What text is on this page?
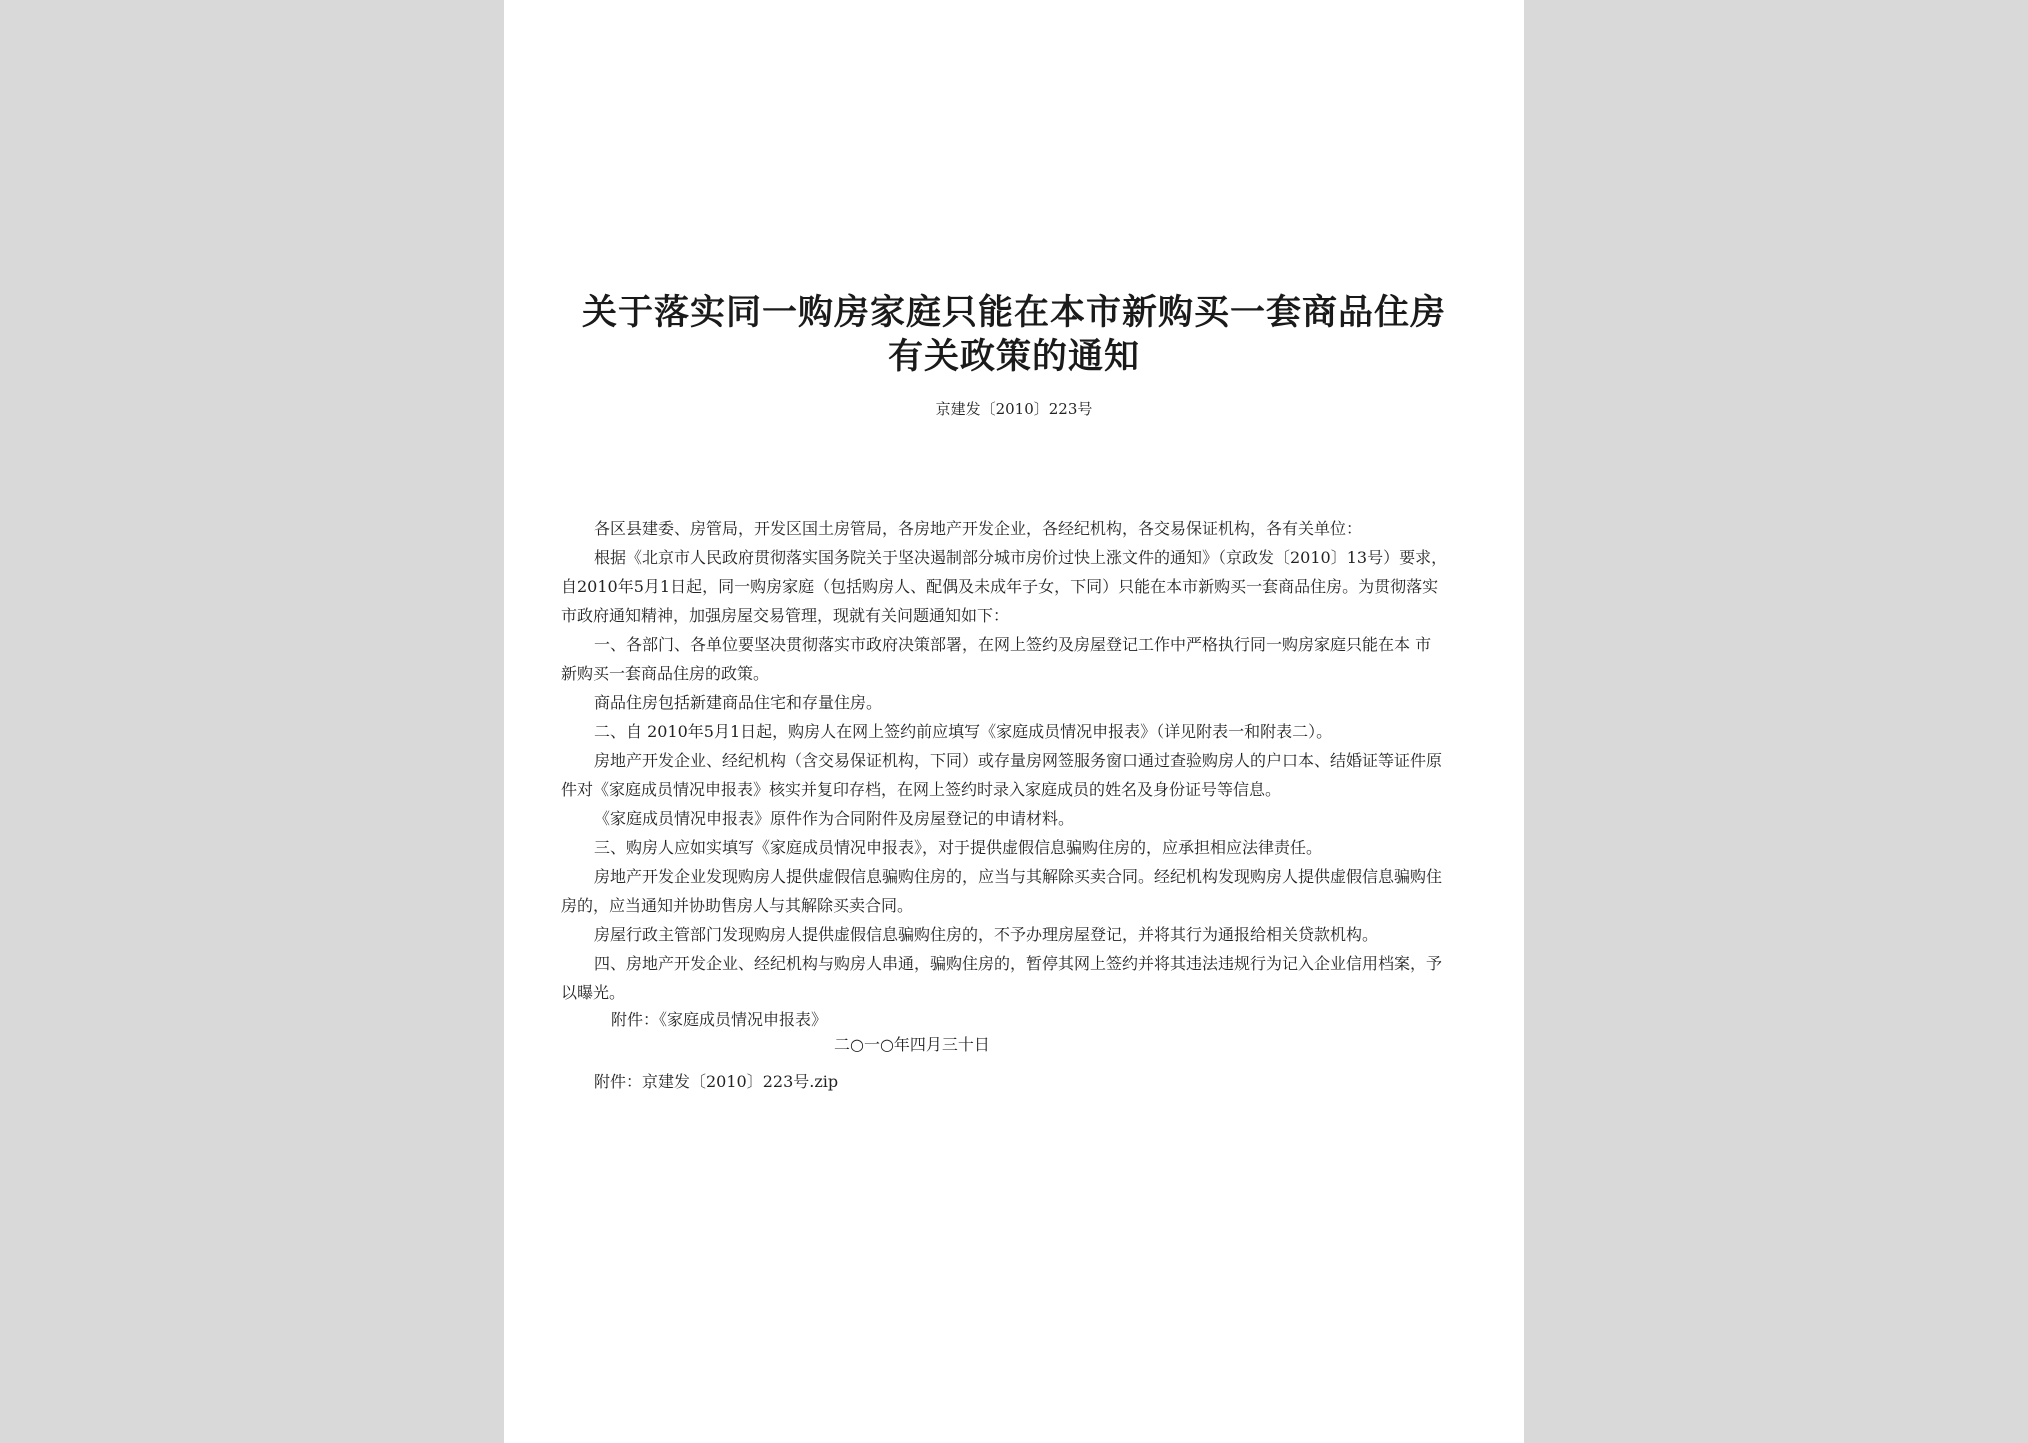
关于落实同一购房家庭只能在本市新购买一套商品住房
有关政策的通知
京建发〔2010〕223号
各区县建委、房管局，开发区国土房管局，各房地产开发企业，各经纪机构，各交易保证机构，各有关单位：
根据《北京市人民政府贯彻落实国务院关于坚决遏制部分城市房价过快上涨文件的通知》（京政发〔2010〕13号）要求，
自2010年5月1日起，同一购房家庭（包括购房人、配偶及未成年子女，下同）只能在本市新购买一套商品住房。为贯彻落实
市政府通知精神，加强房屋交易管理，现就有关问题通知如下：
一、各部门、各单位要坚决贯彻落实市政府决策部署，在网上签约及房屋登记工作中严格执行同一购房家庭只能在本 市
新购买一套商品住房的政策。
商品住房包括新建商品住宅和存量住房。
二、自 2010年5月1日起，购房人在网上签约前应填写《家庭成员情况申报表》（详见附表一和附表二）。
房地产开发企业、经纪机构（含交易保证机构，下同）或存量房网签服务窗口通过查验购房人的户口本、结婚证等证件原
件对《家庭成员情况申报表》核实并复印存档，在网上签约时录入家庭成员的姓名及身份证号等信息。
《家庭成员情况申报表》原件作为合同附件及房屋登记的申请材料。
三、购房人应如实填写《家庭成员情况申报表》，对于提供虚假信息骗购住房的，应承担相应法律责任。
房地产开发企业发现购房人提供虚假信息骗购住房的，应当与其解除买卖合同。经纪机构发现购房人提供虚假信息骗购住
房的，应当通知并协助售房人与其解除买卖合同。
房屋行政主管部门发现购房人提供虚假信息骗购住房的，不予办理房屋登记，并将其行为通报给相关贷款机构。
四、房地产开发企业、经纪机构与购房人串通，骗购住房的，暂停其网上签约并将其违法违规行为记入企业信用档案，予
以曝光。
附件：《家庭成员情况申报表》
二○一○年四月三十日
附件：京建发〔2010〕223号.zip
